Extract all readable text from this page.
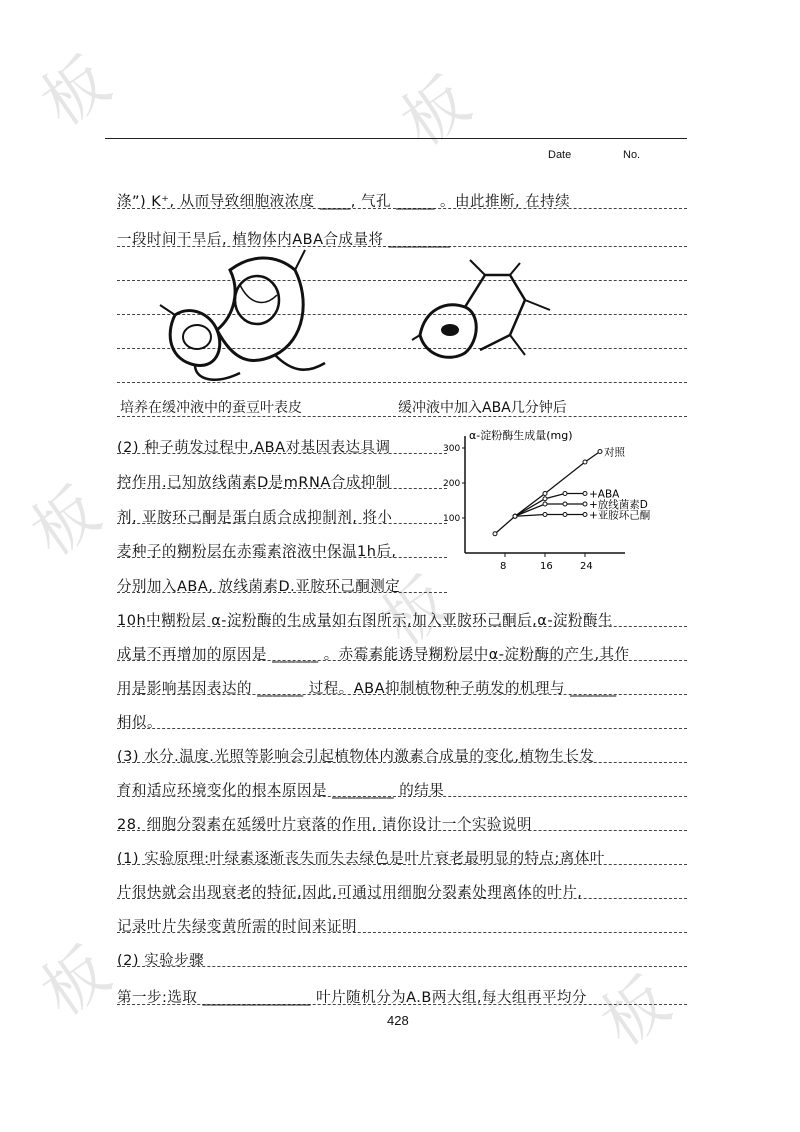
板	板
板
板
板	板
Date	No.
涤”) K⁺, 从而导致细胞液浓度 ____, 气孔 _____ 。由此推断, 在持续
一段时间干旱后, 植物体内ABA合成量将 ________
培养在缓冲液中的蚕豆叶表皮	缓冲液中加入ABA几分钟后
(2) 种子萌发过程中,ABA对基因表达具调
控作用.已知放线菌素D是mRNA合成抑制
剂, 亚胺环己酮是蛋白质合成抑制剂, 将小
麦种子的糊粉层在赤霉素溶液中保温1h后,
分别加入ABA, 放线菌素D.亚胺环己酮测定
α-淀粉酶生成量(mg)
8	16	24
100
200
300	对照
+ABA
+放线菌素D
+亚胺环己酮
10h中糊粉层 α-淀粉酶的生成量如右图所示,加入亚胺环己酮后,α-淀粉酶生
成量不再增加的原因是 ______ 。赤霉素能诱导糊粉层中α-淀粉酶的产生,其作
用是影响基因表达的 ______ 过程。ABA抑制植物种子萌发的机理与 ______
相似。
(3) 水分.温度.光照等影响会引起植物体内激素合成量的变化,植物生长发
育和适应环境变化的根本原因是 ________ 的结果
28. 细胞分裂素在延缓叶片衰落的作用, 请你设计一个实验说明
(1) 实验原理:叶绿素逐渐丧失而失去绿色是叶片衰老最明显的特点;离体叶
片很快就会出现衰老的特征,因此,可通过用细胞分裂素处理离体的叶片,
记录叶片失绿变黄所需的时间来证明
(2) 实验步骤
第一步:选取 ______________ 叶片随机分为A.B两大组,每大组再平均分
428
